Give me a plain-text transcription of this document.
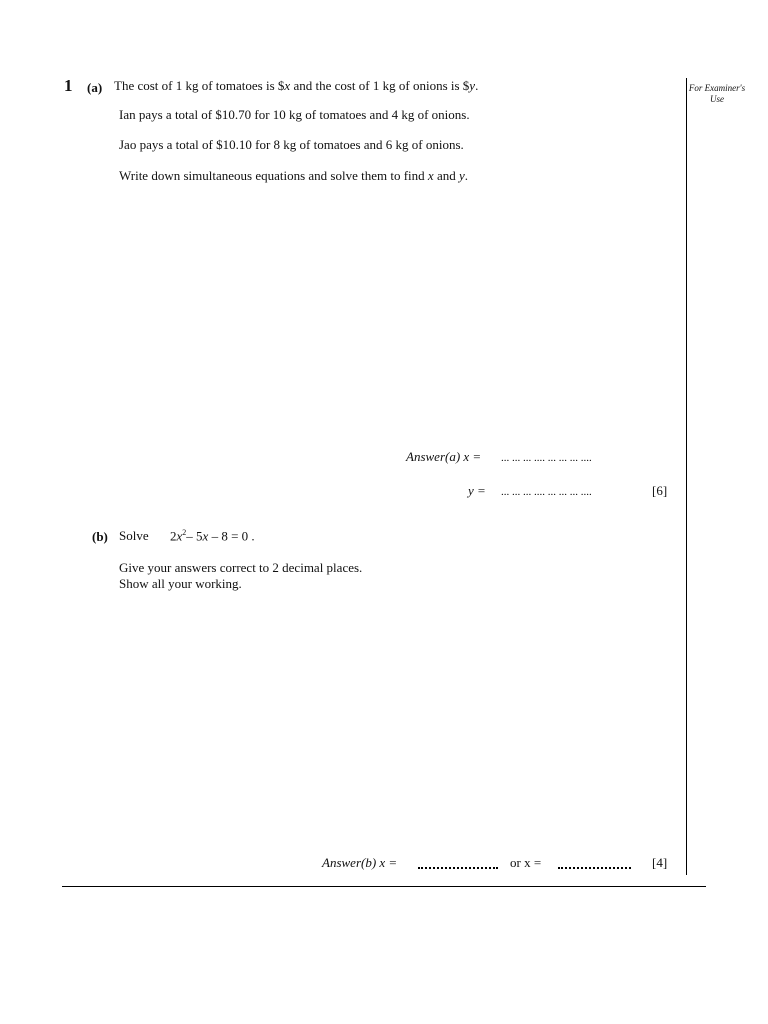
For Examiner's Use
1 (a) The cost of 1 kg of tomatoes is $x and the cost of 1 kg of onions is $y.
Ian pays a total of $10.70 for 10 kg of tomatoes and 4 kg of onions.
Jao pays a total of $10.10 for 8 kg of tomatoes and 6 kg of onions.
Write down simultaneous equations and solve them to find x and y.
Answer(a) x = ... ... ... .... ... ... ... ....
y = ... ... ... .... ... ... ... ....	[6]
(b) Solve $2x^2-$ 5x – 8 = 0 .
Give your answers correct to 2 decimal places.
Show all your working.
Answer(b) x =	or x =	[4]
